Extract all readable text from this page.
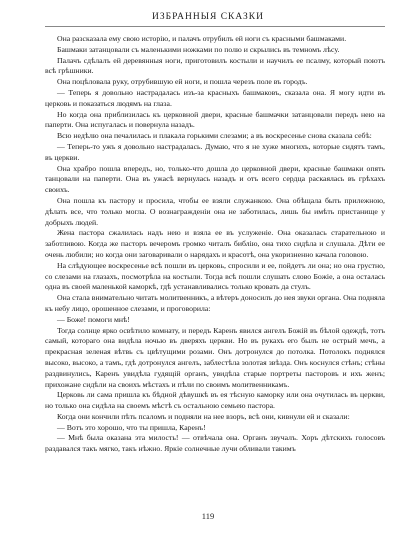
ИЗБРАННЫЯ СКАЗКИ

Она разсказала ему свою исторію, и палачъ отрубилъ ей ноги съ красными башмаками.

Башмаки затанцовали съ маленькими ножками по полю и скрылись въ темномъ лѣсу.

Палачъ сдѣлалъ ей деревянныя ноги, приготовилъ костыли и научилъ ее псалму, который поютъ всѣ грѣшники.

Она поцѣловала руку, отрубившую ей ноги, и пошла черезъ поле въ городъ.

— Теперь я довольно настрадалась изъ-за красныхъ башмаковъ, сказала она. Я могу идти въ церковь и показаться людямъ на глаза.

Но когда она приблизилась къ церковной двери, красные башмачки затанцовали передъ нею на паперти. Она испугалась и повернула назадъ.

Всю недѣлю она печалилась и плакала горькими слезами; а въ воскресенье снова сказала себѣ:

— Теперь-то ужъ я довольно настрадалась. Думаю, что я не хуже многихъ, которые сидятъ тамъ, въ церкви.

Она храбро пошла впередъ, но, только-что дошла до церковной двери, красные башмаки опять танцовали на паперти. Она въ ужасѣ вернулась назадъ и отъ всего сердца раскаялась въ грѣхахъ своихъ.

Она пошла къ пастору и просила, чтобы ее взяли служанкою. Она обѣщала быть прилежною, дѣлать все, что только могла. О вознагражденіи она не заботилась, лишь бы имѣть пристанище у добрыхъ людей.

Жена пастора сжалилась надъ нею и взяла ее въ услуженіе. Она оказалась старательною и заботливою. Когда же пасторъ вечеромъ громко читалъ библію, она тихо сидѣла и слушала. Дѣти ее очень любили; но когда они заговаривали о нарядахъ и красотѣ, она укоризненно качала головою.

На слѣдующее воскресенье всѣ пошли въ церковь, спросили и ее, пойдетъ ли она; но она грустно, со слезами на глазахъ, посмотрѣла на костыли. Тогда всѣ пошли слушать слово Божіе, а она осталась одна въ своей маленькой каморкѣ, гдѣ устанавливались только кровать да стулъ.

Она стала внимательно читать молитвенникъ, а вѣтеръ доносилъ до нея звуки органа. Она подняла къ небу лицо, орошенное слезами, и проговорила:

— Боже! помоги мнѣ!

Тогда солнце ярко освѣтило комнату, и передъ Каренъ явился ангелъ Божій въ бѣлой одеждѣ, тотъ самый, котораго она видѣла ночью въ дверяхъ церкви. Но въ рукахъ его былъ не острый мечъ, а прекрасная зеленая вѣтвь съ цвѣтущими розами. Онъ дотронулся до потолка. Потолокъ поднялся высоко, высоко, а тамъ, гдѣ дотронулся ангелъ, заблестѣла золотая звѣзда. Онъ коснулся стѣнъ; стѣны раздвинулись, Каренъ увидѣла гудящій органъ, увидѣла старые портреты пасторовъ и ихъ женъ; прихожане сидѣли на своихъ мѣстахъ и пѣли по своимъ молитвенникамъ.

Церковь ли сама пришла къ бѣдной дѣвушкѣ въ ея тѣсную каморку или она очутилась въ церкви, но только она сидѣла на своемъ мѣстѣ съ остальною семьею пастора.

Когда они кончили пѣть псаломъ и подняли на нее взоръ, всѣ они, кивнули ей и сказали:

— Вотъ это хорошо, что ты пришла, Каренъ!

— Мнѣ была оказана эта милость! — отвѣчала она. Органъ звучалъ. Хоръ дѣтскихъ голосовъ раздавался такъ мягко, такъ нѣжно. Яркіе солнечные лучи обливали такимъ

119
